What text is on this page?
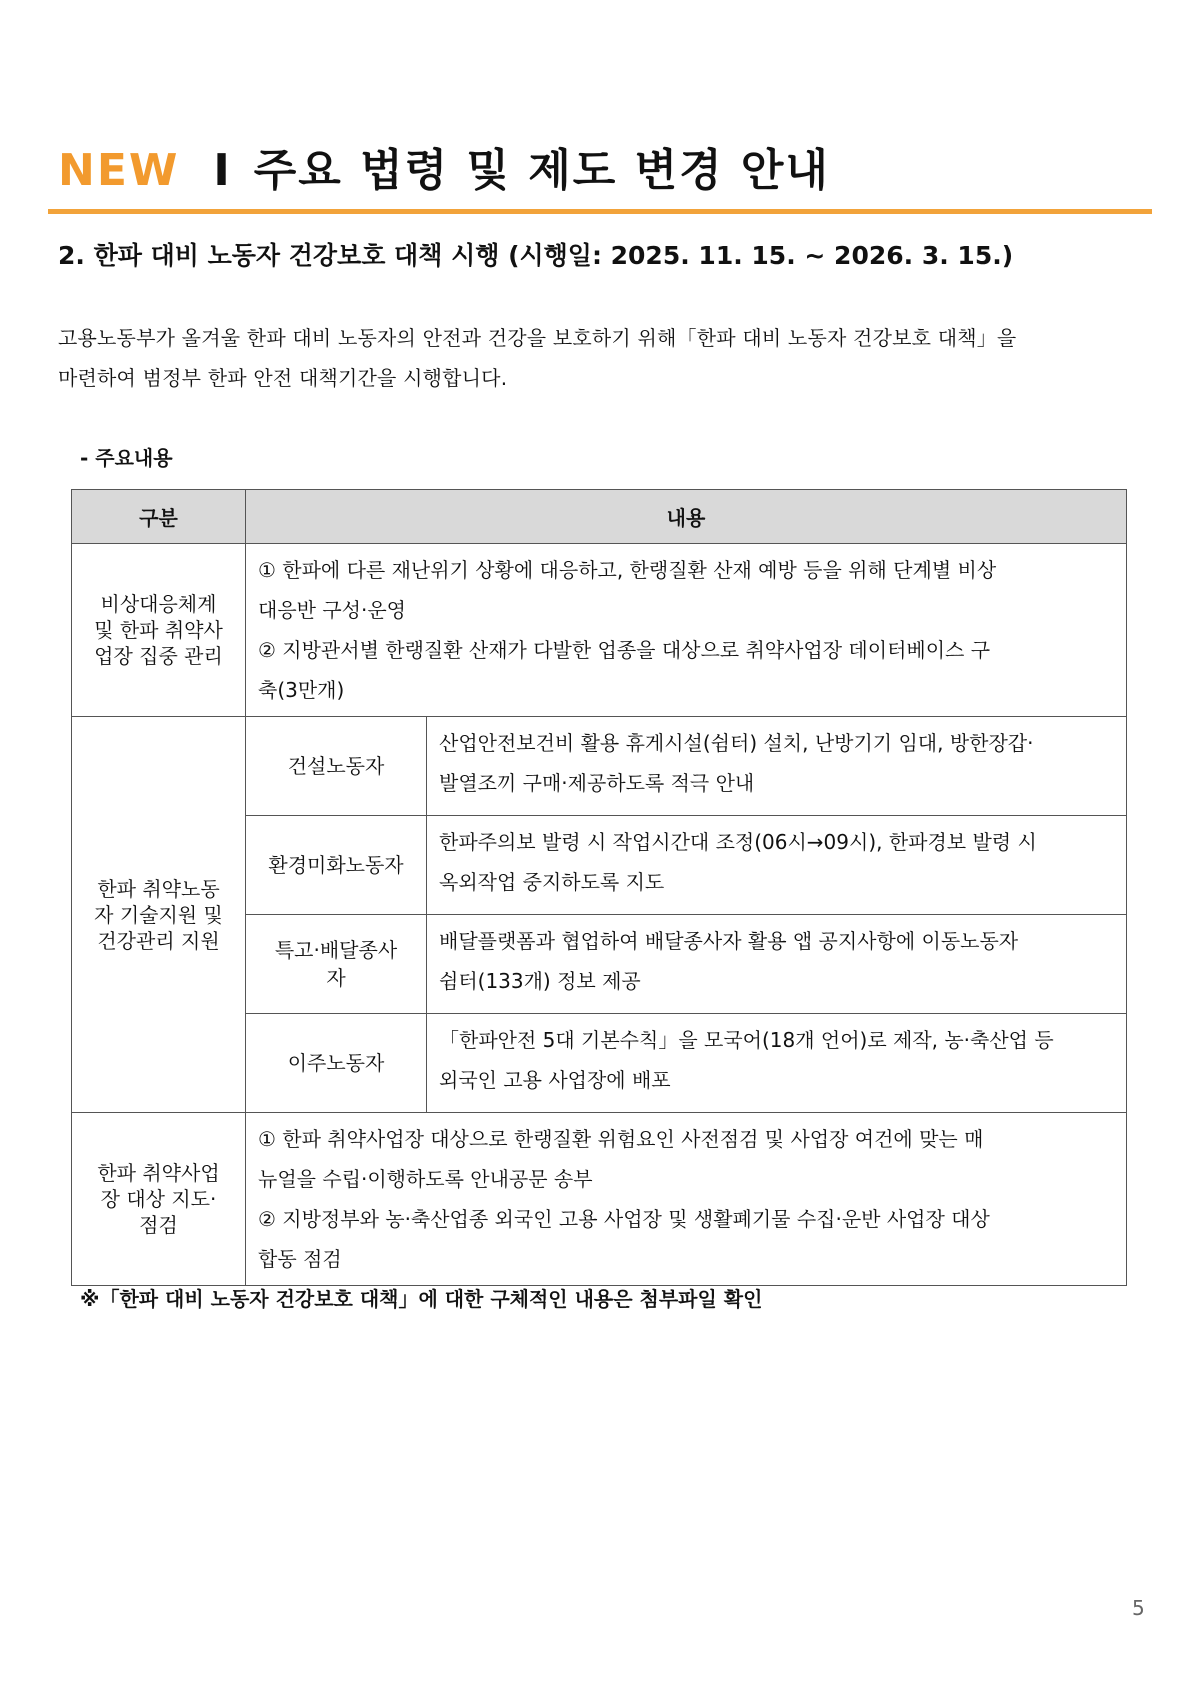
NEW I 주요 법령 및 제도 변경 안내
2. 한파 대비 노동자 건강보호 대책 시행 (시행일: 2025. 11. 15. ~ 2026. 3. 15.)
고용노동부가 올겨울 한파 대비 노동자의 안전과 건강을 보호하기 위해「한파 대비 노동자 건강보호 대책」을
마련하여 범정부 한파 안전 대책기간을 시행합니다.
- 주요내용
구분	내용	

비상대응체계
및 한파 취약사
업장 집중 관리	① 한파에 다른 재난위기 상황에 대응하고, 한랭질환 산재 예방 등을 위해 단계별 비상
대응반 구성·운영
② 지방관서별 한랭질환 산재가 다발한 업종을 대상으로 취약사업장 데이터베이스 구
축(3만개)	

한파 취약노동
자 기술지원 및
건강관리 지원	건설노동자	산업안전보건비 활용 휴게시설(쉼터) 설치, 난방기기 임대, 방한장갑·
발열조끼 구매·제공하도록 적극 안내

	환경미화노동자	한파주의보 발령 시 작업시간대 조정(06시→09시), 한파경보 발령 시
옥외작업 중지하도록 지도

	특고·배달종사
자	배달플랫폼과 협업하여 배달종사자 활용 앱 공지사항에 이동노동자
쉼터(133개) 정보 제공

	이주노동자	「한파안전 5대 기본수칙」을 모국어(18개 언어)로 제작, 농·축산업 등
외국인 고용 사업장에 배포

한파 취약사업
장 대상 지도·
점검	① 한파 취약사업장 대상으로 한랭질환 위험요인 사전점검 및 사업장 여건에 맞는 매
뉴얼을 수립·이행하도록 안내공문 송부
② 지방정부와 농·축산업종 외국인 고용 사업장 및 생활폐기물 수집·운반 사업장 대상
합동 점검	
※「한파 대비 노동자 건강보호 대책」에 대한 구체적인 내용은 첨부파일 확인
5
